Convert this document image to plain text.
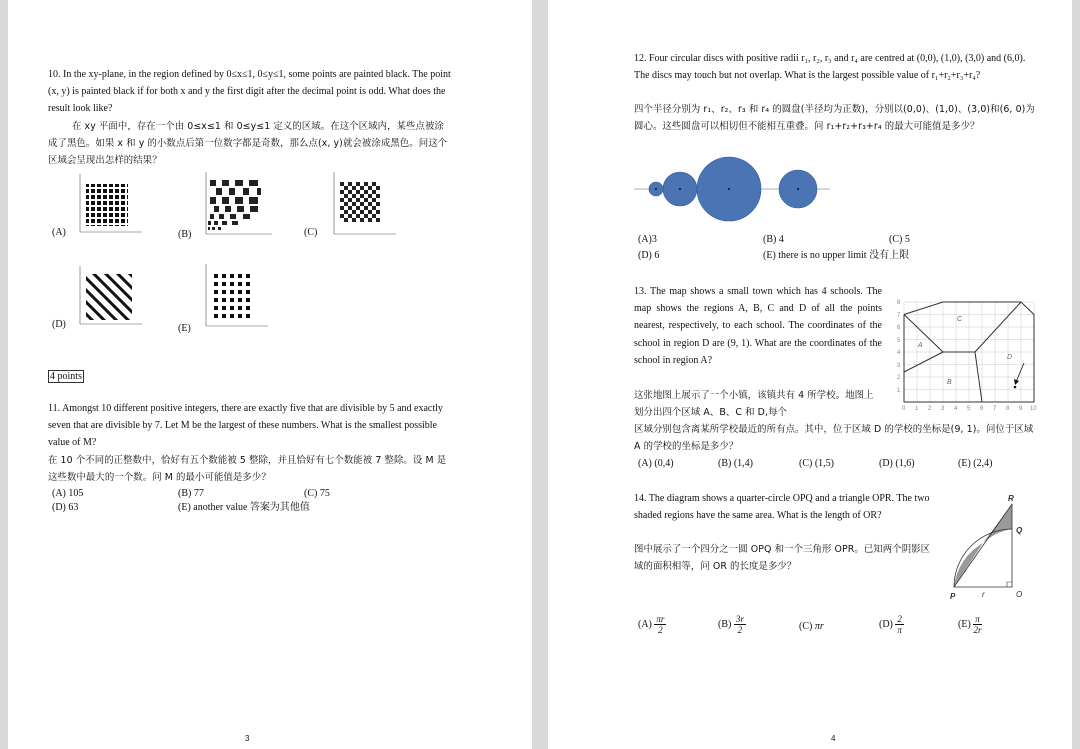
10. In the xy-plane, in the region defined by 0≤x≤1, 0≤y≤1, some points are painted black. The point (x, y) is painted black if for both x and y the first digit after the decimal point is odd. What does the result look like?
在 xy 平面中，存在一个由 0≤x≤1 和 0≤y≤1 定义的区域。在这个区域内，某些点被涂成了黑色。如果 x 和 y 的小数点后第一位数字都是奇数，那么点(x, y)就会被涂成黑色。问这个区域会呈现出怎样的结果？
(A)	(B)	(C)
(D)	(E)
4 points
11. Amongst 10 different positive integers, there are exactly five that are divisible by 5 and exactly seven that are divisible by 7. Let M be the largest of these numbers. What is the smallest possible value of M?
在 10 个不同的正整数中，恰好有五个数能被 5 整除，并且恰好有七个数能被 7 整除。设 M 是这些数中最大的一个数。问 M 的最小可能值是多少？
(A) 105	(B) 77	(C) 75
(D) 63	(E) another value 答案为其他值
3
12. Four circular discs with positive radii r₁, r₂, r₃ and r₄ are centred at (0,0), (1,0), (3,0) and (6,0). The discs may touch but not overlap. What is the largest possible value of r₁+r₂+r₃+r₄?
四个半径分别为 r₁、r₂、r₃ 和 r₄ 的圆盘(半径均为正数)，分别以(0,0)、(1,0)、(3,0)和(6, 0)为圆心。这些圆盘可以相切但不能相互重叠。问 r₁+r₂+r₃+r₄ 的最大可能值是多少？
(A)3	(B) 4	(C) 5
(D) 6	(E) there is no upper limit 没有上限
13. The map shows a small town which has 4 schools. The map shows the regions A, B, C and D of all the points nearest, respectively, to each school. The coordinates of the school in region D are (9, 1). What are the coordinates of the school in region A?
这张地图上展示了一个小镇，该镇共有 4 所学校。地图上划分出四个区域 A、B、C 和 D,每个
区域分别包含离某所学校最近的所有点。其中，位于区域 D 的学校的坐标是(9, 1)。问位于区域 A 的学校的坐标是多少？
C
A
B
D
0 1 2 3 4 5 6 7 8 9 10
1
2
3
4
5
6
7
8
(A) (0,4)	(B) (1,4)	(C) (1,5)	(D) (1,6)	(E) (2,4)
14. The diagram shows a quarter-circle OPQ and a triangle OPR. The two shaded regions have the same area. What is the length of OR?
图中展示了一个四分之一圆 OPQ 和一个三角形 OPR。已知两个阴影区域的面积相等，问 OR 的长度是多少？
R
Q
P	r	O
$(A) \frac{\pi r}{2}$	$(B) \frac{3r}{2}$	(C) πr	$(D) \frac{2}{\pi}$	$(E) \frac{\pi}{2r}$
4
